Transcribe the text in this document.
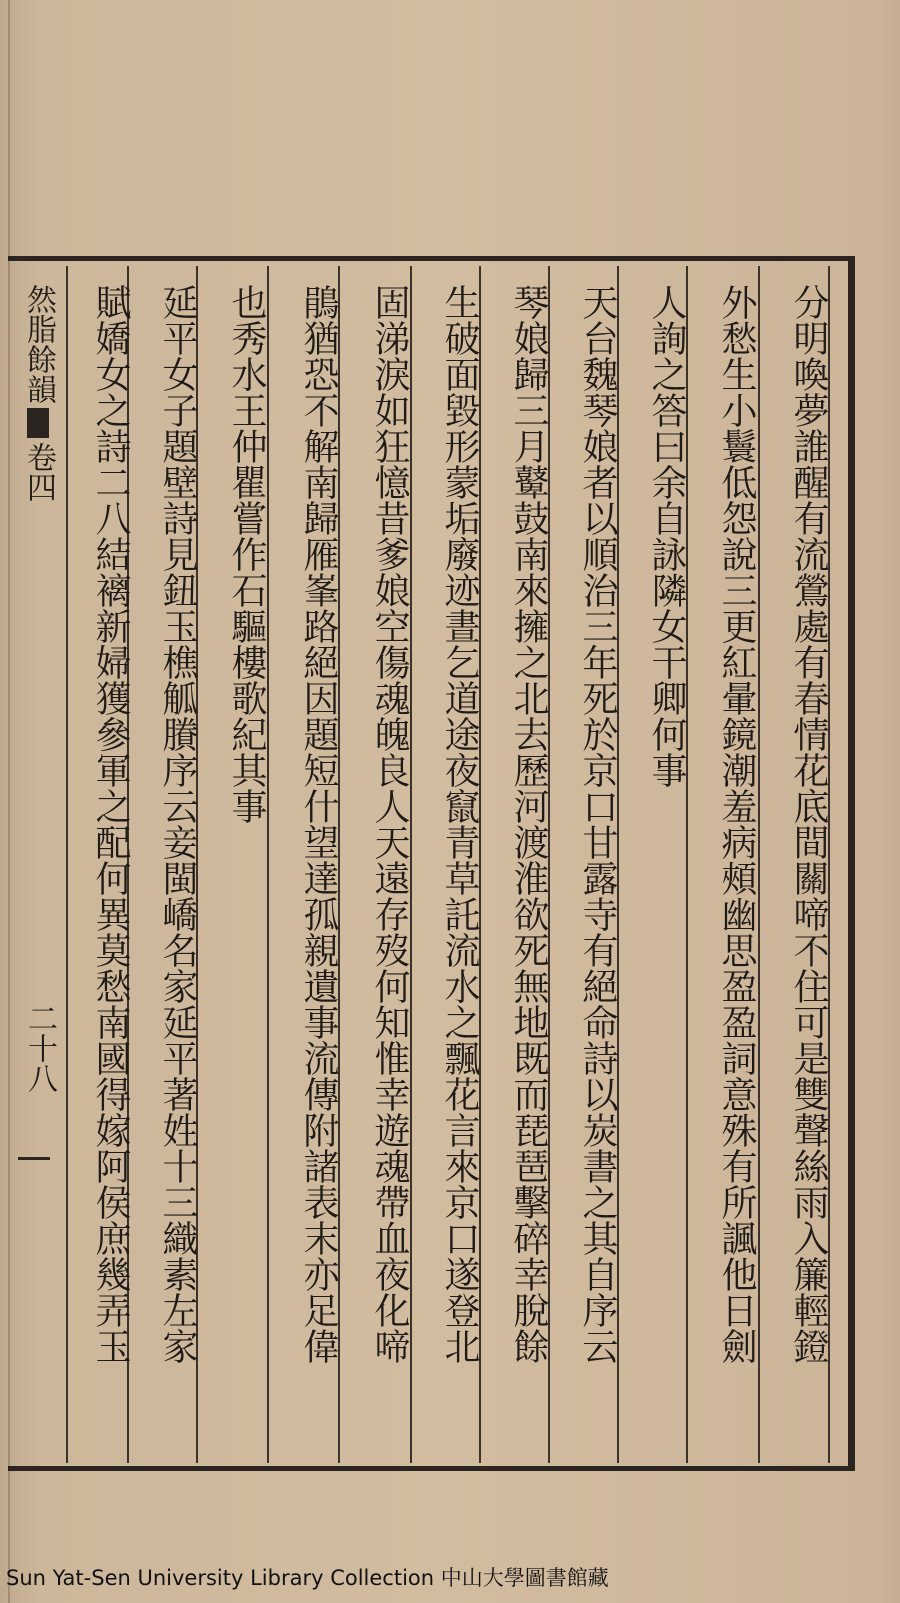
分明喚夢誰醒有流鶯處有春情花底間關啼不住可是雙聲絲雨入簾輕鐙
外愁生小鬟低怨說三更紅暈鏡潮羞病頰幽思盈盈詞意殊有所諷他日劍
人詢之答曰余自詠隣女干卿何事
天台魏琴娘者以順治三年死於京口甘露寺有絕命詩以炭書之其自序云
琴娘歸三月鼙鼓南來擁之北去歷河渡淮欲死無地既而琵琶擊碎幸脫餘
生破面毀形蒙垢廢迹晝乞道途夜竄青草託流水之飄花言來京口遂登北
固涕淚如狂憶昔爹娘空傷魂魄良人天遠存歿何知惟幸遊魂帶血夜化啼
鵑猶恐不解南歸雁峯路絕因題短什望達孤親遺事流傳附諸表末亦足偉
也秀水王仲瞿嘗作石驅樓歌紀其事
延平女子題壁詩見鈕玉樵觚賸序云妾閩嶠名家延平著姓十三織素左家
賦嬌女之詩二八結褵新婦獲參軍之配何異莫愁南國得嫁阿侯庶幾弄玉
然脂餘韻卷四
二十八
Sun Yat-Sen University Library Collection 中山大學圖書館藏
